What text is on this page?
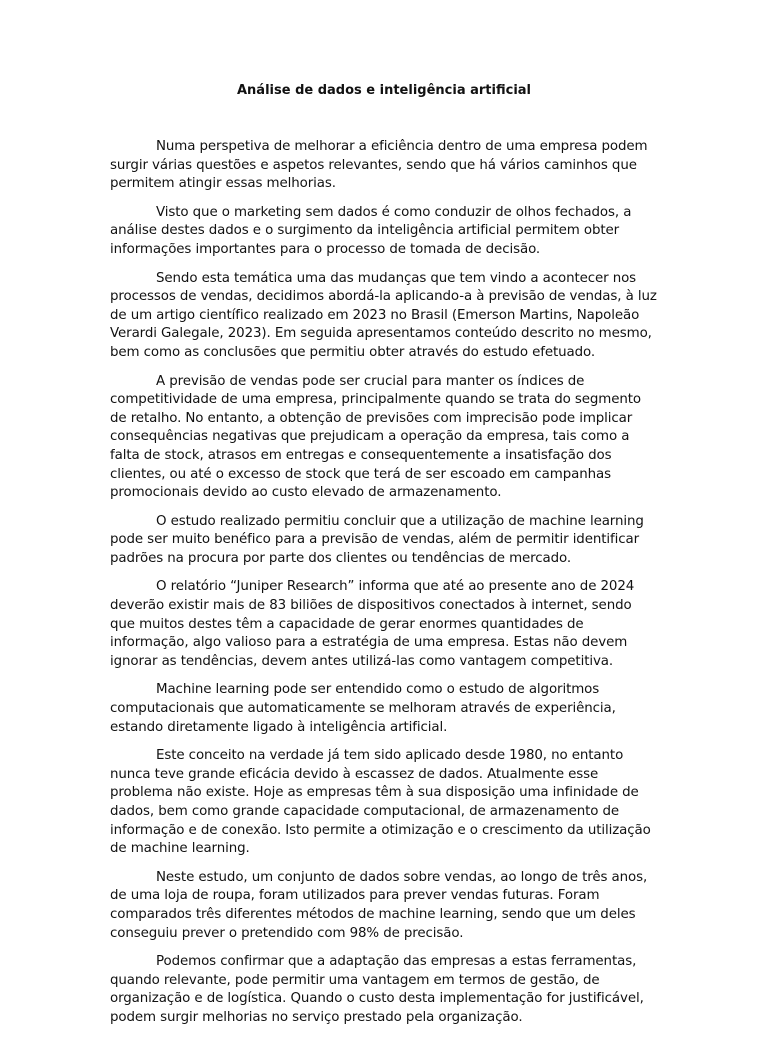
Análise de dados e inteligência artificial

Numa perspetiva de melhorar a eficiência dentro de uma empresa podem surgir várias questões e aspetos relevantes, sendo que há vários caminhos que permitem atingir essas melhorias.

Visto que o marketing sem dados é como conduzir de olhos fechados, a análise destes dados e o surgimento da inteligência artificial permitem obter informações importantes para o processo de tomada de decisão.

Sendo esta temática uma das mudanças que tem vindo a acontecer nos processos de vendas, decidimos abordá-la aplicando-a à previsão de vendas, à luz de um artigo científico realizado em 2023 no Brasil (Emerson Martins, Napoleão Verardi Galegale, 2023). Em seguida apresentamos conteúdo descrito no mesmo, bem como as conclusões que permitiu obter através do estudo efetuado.

A previsão de vendas pode ser crucial para manter os índices de competitividade de uma empresa, principalmente quando se trata do segmento de retalho. No entanto, a obtenção de previsões com imprecisão pode implicar consequências negativas que prejudicam a operação da empresa, tais como a falta de stock, atrasos em entregas e consequentemente a insatisfação dos clientes, ou até o excesso de stock que terá de ser escoado em campanhas promocionais devido ao custo elevado de armazenamento.

O estudo realizado permitiu concluir que a utilização de machine learning pode ser muito benéfico para a previsão de vendas, além de permitir identificar padrões na procura por parte dos clientes ou tendências de mercado.

O relatório “Juniper Research” informa que até ao presente ano de 2024 deverão existir mais de 83 biliões de dispositivos conectados à internet, sendo que muitos destes têm a capacidade de gerar enormes quantidades de informação, algo valioso para a estratégia de uma empresa. Estas não devem ignorar as tendências, devem antes utilizá-las como vantagem competitiva.

Machine learning pode ser entendido como o estudo de algoritmos computacionais que automaticamente se melhoram através de experiência, estando diretamente ligado à inteligência artificial.

Este conceito na verdade já tem sido aplicado desde 1980, no entanto nunca teve grande eficácia devido à escassez de dados. Atualmente esse problema não existe. Hoje as empresas têm à sua disposição uma infinidade de dados, bem como grande capacidade computacional, de armazenamento de informação e de conexão. Isto permite a otimização e o crescimento da utilização de machine learning.

Neste estudo, um conjunto de dados sobre vendas, ao longo de três anos, de uma loja de roupa, foram utilizados para prever vendas futuras. Foram comparados três diferentes métodos de machine learning, sendo que um deles conseguiu prever o pretendido com 98% de precisão.

Podemos confirmar que a adaptação das empresas a estas ferramentas, quando relevante, pode permitir uma vantagem em termos de gestão, de organização e de logística. Quando o custo desta implementação for justificável, podem surgir melhorias no serviço prestado pela organização.
